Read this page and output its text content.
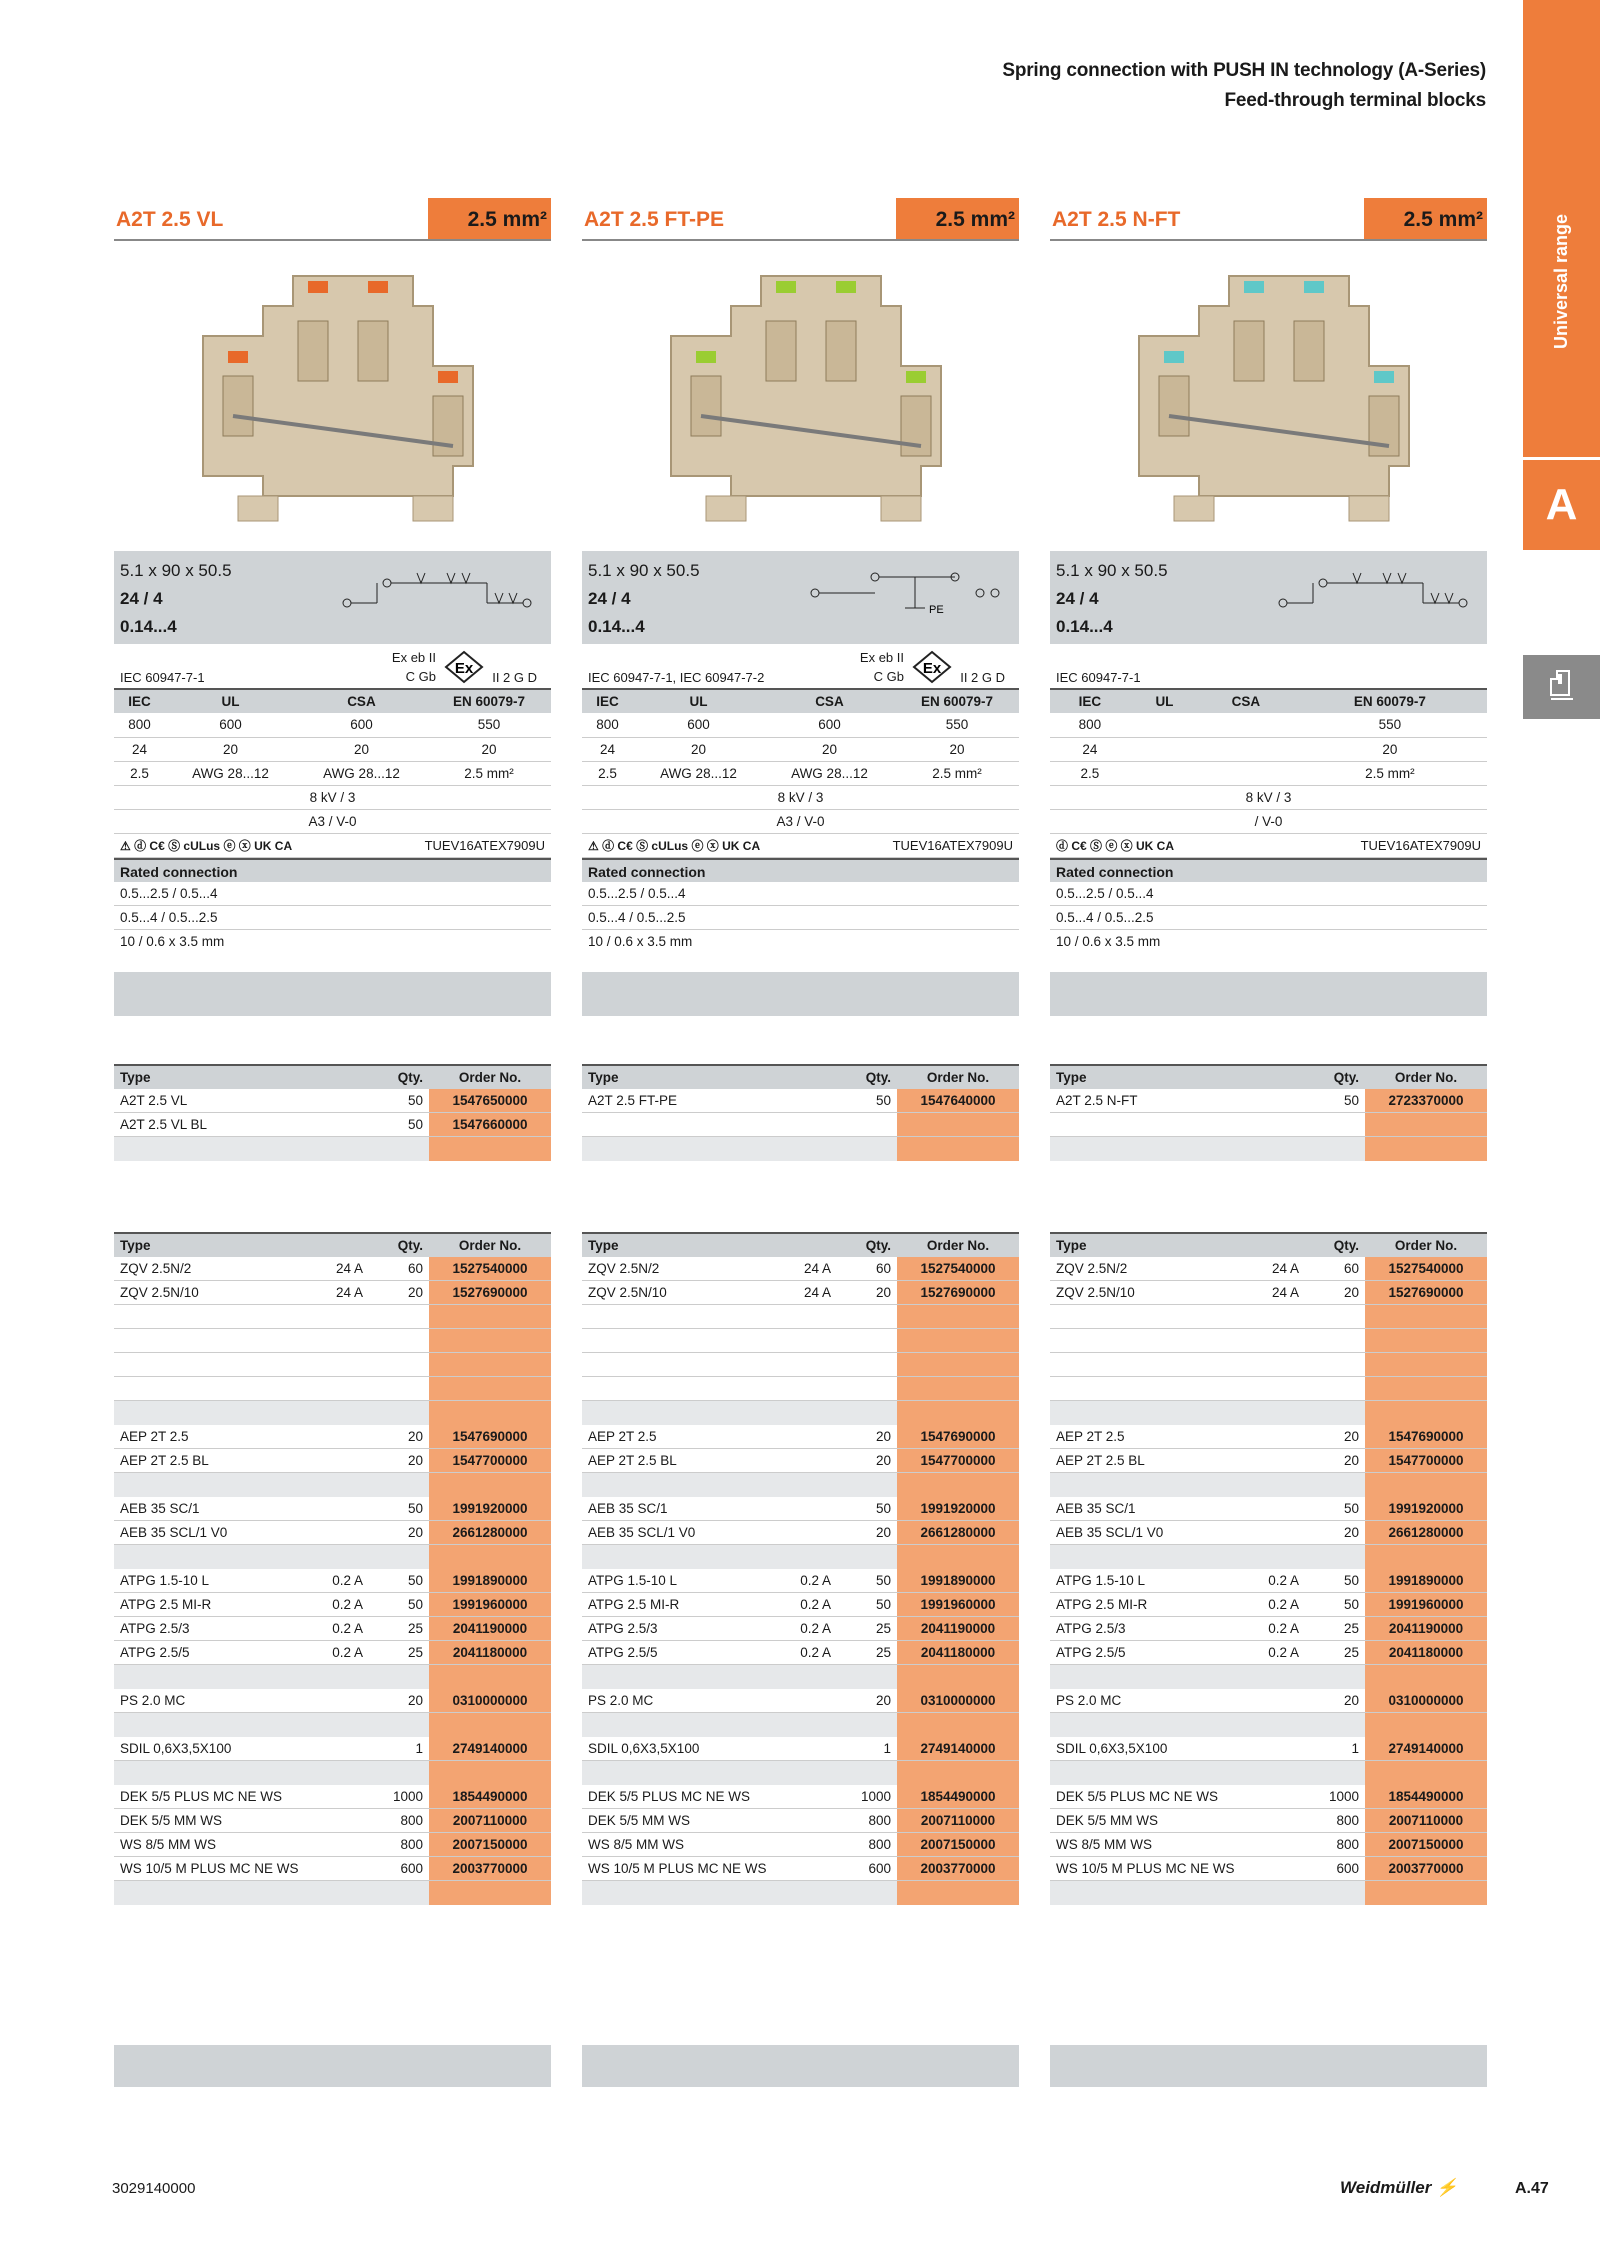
Spring connection with PUSH IN technology (A-Series)
Feed-through terminal blocks
Universal range
A
A2T 2.5 VL	2.5 mm²
5.1 x 90 x 50.5
24 / 4
0.14...4
IEC 60947-7-1
Ex eb II
C Gb Ex
II 2 G D
IEC	UL	CSA	EN 60079-7
800	600	600	550
24	20	20	20
2.5	AWG 28...12	AWG 28...12	2.5 mm²
8 kV / 3			
A3 / V-0			
⚠ ⓓ C€ Ⓢ cULus ⓔ ⓧ UK CA	TUEV16ATEX7909U
Rated connection
0.5...2.5 / 0.5...4
0.5...4 / 0.5...2.5
10 / 0.6 x 3.5 mm
Type	Qty.	Order No.
A2T 2.5 VL	50	1547650000
A2T 2.5 VL BL	50	1547660000

Type		Qty.	Order No.
ZQV 2.5N/2	24 A	60	1527540000
ZQV 2.5N/10	24 A	20	1527690000

AEP 2T 2.5		20	1547690000
AEP 2T 2.5 BL		20	1547700000

AEB 35 SC/1		50	1991920000
AEB 35 SCL/1 V0		20	2661280000

ATPG 1.5-10 L	0.2 A	50	1991890000
ATPG 2.5 MI-R	0.2 A	50	1991960000
ATPG 2.5/3	0.2 A	25	2041190000
ATPG 2.5/5	0.2 A	25	2041180000

PS 2.0 MC		20	0310000000

SDIL 0,6X3,5X100		1	2749140000

DEK 5/5 PLUS MC NE WS		1000	1854490000
DEK 5/5 MM WS		800	2007110000
WS 8/5 MM WS		800	2007150000
WS 10/5 M PLUS MC NE WS		600	2003770000

A2T 2.5 FT-PE	2.5 mm²
5.1 x 90 x 50.5
24 / 4
0.14...4
PE
IEC 60947-7-1, IEC 60947-7-2
Ex eb II
C Gb Ex
II 2 G D
IEC	UL	CSA	EN 60079-7
800	600	600	550
24	20	20	20
2.5	AWG 28...12	AWG 28...12	2.5 mm²
8 kV / 3			
A3 / V-0			
⚠ ⓓ C€ Ⓢ cULus ⓔ ⓧ UK CA	TUEV16ATEX7909U
Rated connection
0.5...2.5 / 0.5...4
0.5...4 / 0.5...2.5
10 / 0.6 x 3.5 mm
Type	Qty.	Order No.
A2T 2.5 FT-PE	50	1547640000

Type		Qty.	Order No.
ZQV 2.5N/2	24 A	60	1527540000
ZQV 2.5N/10	24 A	20	1527690000

AEP 2T 2.5		20	1547690000
AEP 2T 2.5 BL		20	1547700000

AEB 35 SC/1		50	1991920000
AEB 35 SCL/1 V0		20	2661280000

ATPG 1.5-10 L	0.2 A	50	1991890000
ATPG 2.5 MI-R	0.2 A	50	1991960000
ATPG 2.5/3	0.2 A	25	2041190000
ATPG 2.5/5	0.2 A	25	2041180000

PS 2.0 MC		20	0310000000

SDIL 0,6X3,5X100		1	2749140000

DEK 5/5 PLUS MC NE WS		1000	1854490000
DEK 5/5 MM WS		800	2007110000
WS 8/5 MM WS		800	2007150000
WS 10/5 M PLUS MC NE WS		600	2003770000

A2T 2.5 N-FT	2.5 mm²
5.1 x 90 x 50.5
24 / 4
0.14...4
IEC 60947-7-1
IEC	UL	CSA	EN 60079-7
800			550
24			20
2.5			2.5 mm²
8 kV / 3			
/ V-0			
ⓓ C€ Ⓢ ⓔ ⓧ UK CA	TUEV16ATEX7909U
Rated connection
0.5...2.5 / 0.5...4
0.5...4 / 0.5...2.5
10 / 0.6 x 3.5 mm
Type	Qty.	Order No.
A2T 2.5 N-FT	50	2723370000

Type		Qty.	Order No.
ZQV 2.5N/2	24 A	60	1527540000
ZQV 2.5N/10	24 A	20	1527690000

AEP 2T 2.5		20	1547690000
AEP 2T 2.5 BL		20	1547700000

AEB 35 SC/1		50	1991920000
AEB 35 SCL/1 V0		20	2661280000

ATPG 1.5-10 L	0.2 A	50	1991890000
ATPG 2.5 MI-R	0.2 A	50	1991960000
ATPG 2.5/3	0.2 A	25	2041190000
ATPG 2.5/5	0.2 A	25	2041180000

PS 2.0 MC		20	0310000000

SDIL 0,6X3,5X100		1	2749140000

DEK 5/5 PLUS MC NE WS		1000	1854490000
DEK 5/5 MM WS		800	2007110000
WS 8/5 MM WS		800	2007150000
WS 10/5 M PLUS MC NE WS		600	2003770000

3029140000	Weidmüller ⚡	A.47
